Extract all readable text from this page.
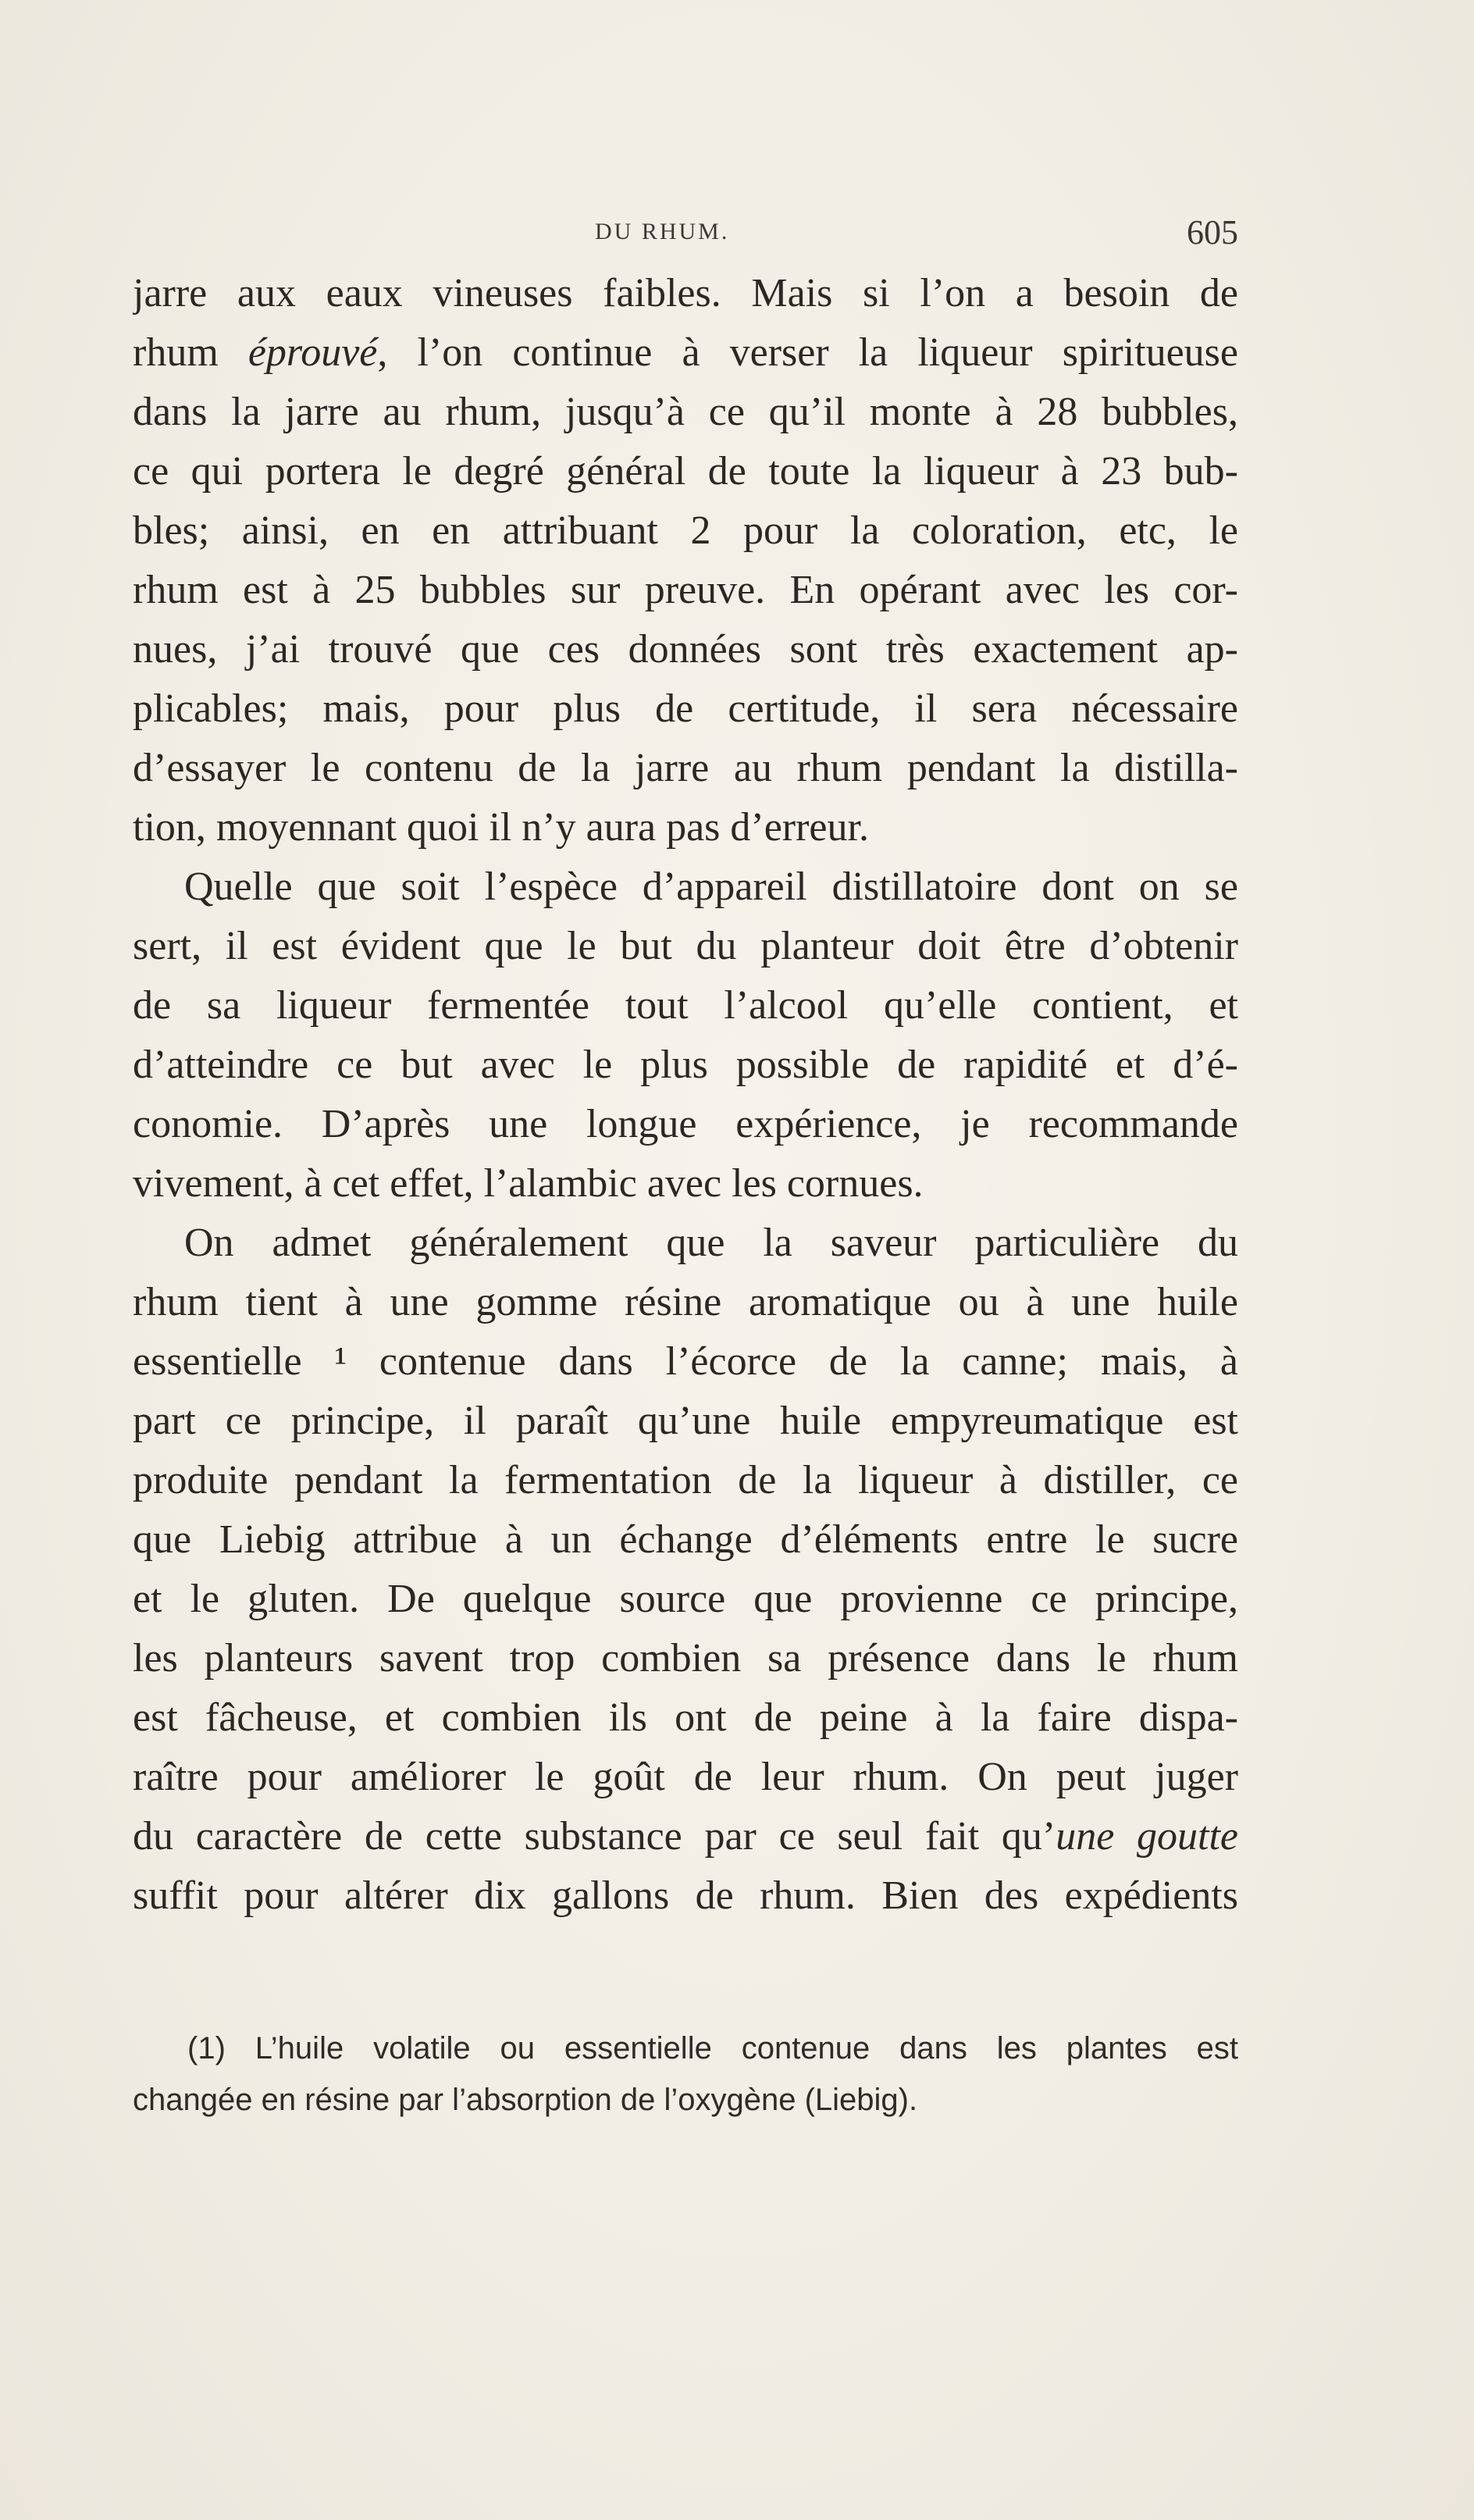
DU RHUM.	605
jarre aux eaux vineuses faibles. Mais si l’on a besoin de
rhum éprouvé, l’on continue à verser la liqueur spiritueuse
dans la jarre au rhum, jusqu’à ce qu’il monte à 28 bubbles,
ce qui portera le degré général de toute la liqueur à 23 bub-
bles; ainsi, en en attribuant 2 pour la coloration, etc, le
rhum est à 25 bubbles sur preuve. En opérant avec les cor-
nues, j’ai trouvé que ces données sont très exactement ap-
plicables; mais, pour plus de certitude, il sera nécessaire
d’essayer le contenu de la jarre au rhum pendant la distilla-
tion, moyennant quoi il n’y aura pas d’erreur.
Quelle que soit l’espèce d’appareil distillatoire dont on se
sert, il est évident que le but du planteur doit être d’obtenir
de sa liqueur fermentée tout l’alcool qu’elle contient, et
d’atteindre ce but avec le plus possible de rapidité et d’é-
conomie. D’après une longue expérience, je recommande
vivement, à cet effet, l’alambic avec les cornues.
On admet généralement que la saveur particulière du
rhum tient à une gomme résine aromatique ou à une huile
essentielle ¹ contenue dans l’écorce de la canne; mais, à
part ce principe, il paraît qu’une huile empyreumatique est
produite pendant la fermentation de la liqueur à distiller, ce
que Liebig attribue à un échange d’éléments entre le sucre
et le gluten. De quelque source que provienne ce principe,
les planteurs savent trop combien sa présence dans le rhum
est fâcheuse, et combien ils ont de peine à la faire dispa-
raître pour améliorer le goût de leur rhum. On peut juger
du caractère de cette substance par ce seul fait qu’une goutte
suffit pour altérer dix gallons de rhum. Bien des expédients
(1) L’huile volatile ou essentielle contenue dans les plantes est
changée en résine par l’absorption de l’oxygène (Liebig).
